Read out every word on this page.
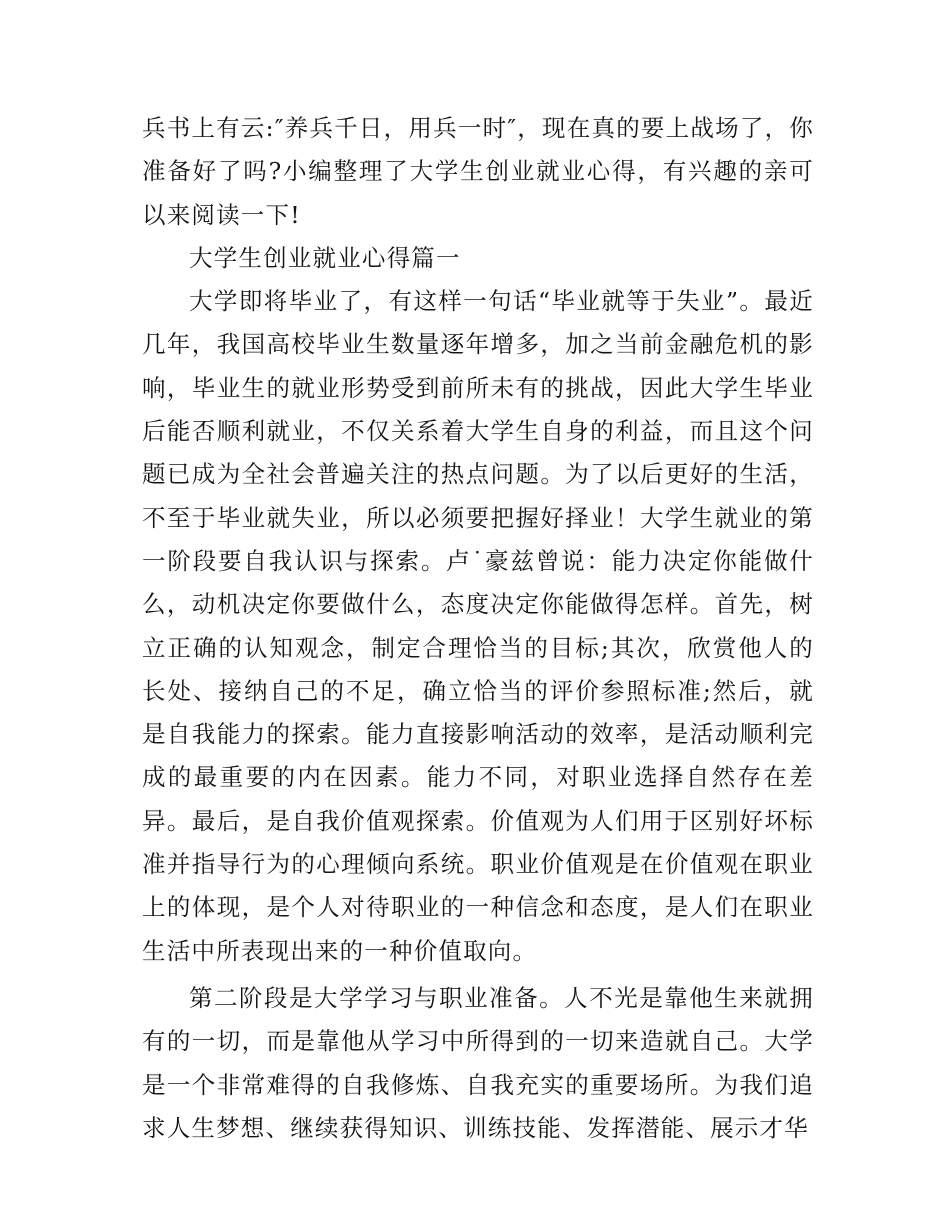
兵书上有云:″养兵千日，用兵一时″，现在真的要上战场了，你准备好了吗?小编整理了大学生创业就业心得，有兴趣的亲可以来阅读一下!

大学生创业就业心得篇一

大学即将毕业了，有这样一句话“毕业就等于失业”。最近几年，我国高校毕业生数量逐年增多，加之当前金融危机的影响，毕业生的就业形势受到前所未有的挑战，因此大学生毕业后能否顺利就业，不仅关系着大学生自身的利益，而且这个问题已成为全社会普遍关注的热点问题。为了以后更好的生活，不至于毕业就失业，所以必须要把握好择业！大学生就业的第一阶段要自我认识与探索。卢˙豪兹曾说：能力决定你能做什么，动机决定你要做什么，态度决定你能做得怎样。首先，树立正确的认知观念，制定合理恰当的目标;其次，欣赏他人的长处、接纳自己的不足，确立恰当的评价参照标准;然后，就是自我能力的探索。能力直接影响活动的效率，是活动顺利完成的最重要的内在因素。能力不同，对职业选择自然存在差异。最后，是自我价值观探索。价值观为人们用于区别好坏标准并指导行为的心理倾向系统。职业价值观是在价值观在职业上的体现，是个人对待职业的一种信念和态度，是人们在职业生活中所表现出来的一种价值取向。

第二阶段是大学学习与职业准备。人不光是靠他生来就拥有的一切，而是靠他从学习中所得到的一切来造就自己。大学是一个非常难得的自我修炼、自我充实的重要场所。为我们追求人生梦想、继续获得知识、训练技能、发挥潜能、展示才华
